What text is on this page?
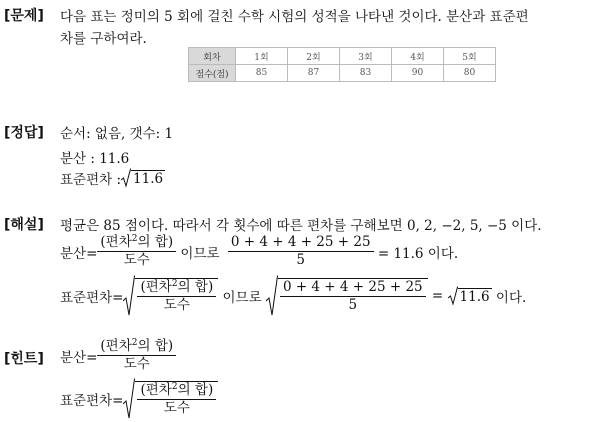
[문제] 다음 표는 정미의 5 회에 걸친 수학 시험의 성적을 나타낸 것이다. 분산과 표준편
차를 구하여라.
회차	1회	2회	3회	4회	5회
점수(점)	85	87	83	90	80
[정답] 순서: 없음, 갯수: 1
분산 : 11.6
표준편차 : 11.6
[해설] 평균은 85 점이다. 따라서 각 횟수에 따른 편차를 구해보면 0, 2, −2, 5, −5 이다.
분산= $\frac{(편차^2의 합)}{\text{도수}}$ 이므로 $\frac{0 + 4 + 4 + 25 + 25}{5} = 11.6$ 이다.
표준편차= $\frac{(편차^2의 합)}{\text{도수}}$ 이므로 $\frac{0 + 4 + 4 + 25 + 25}{5} = 11.6$ 이다.
[힌트] 분산= $\frac{(편차^2의 합)}{\text{도수}}$
표준편차= $\frac{(편차^2의 합)}{\text{도수}}$
